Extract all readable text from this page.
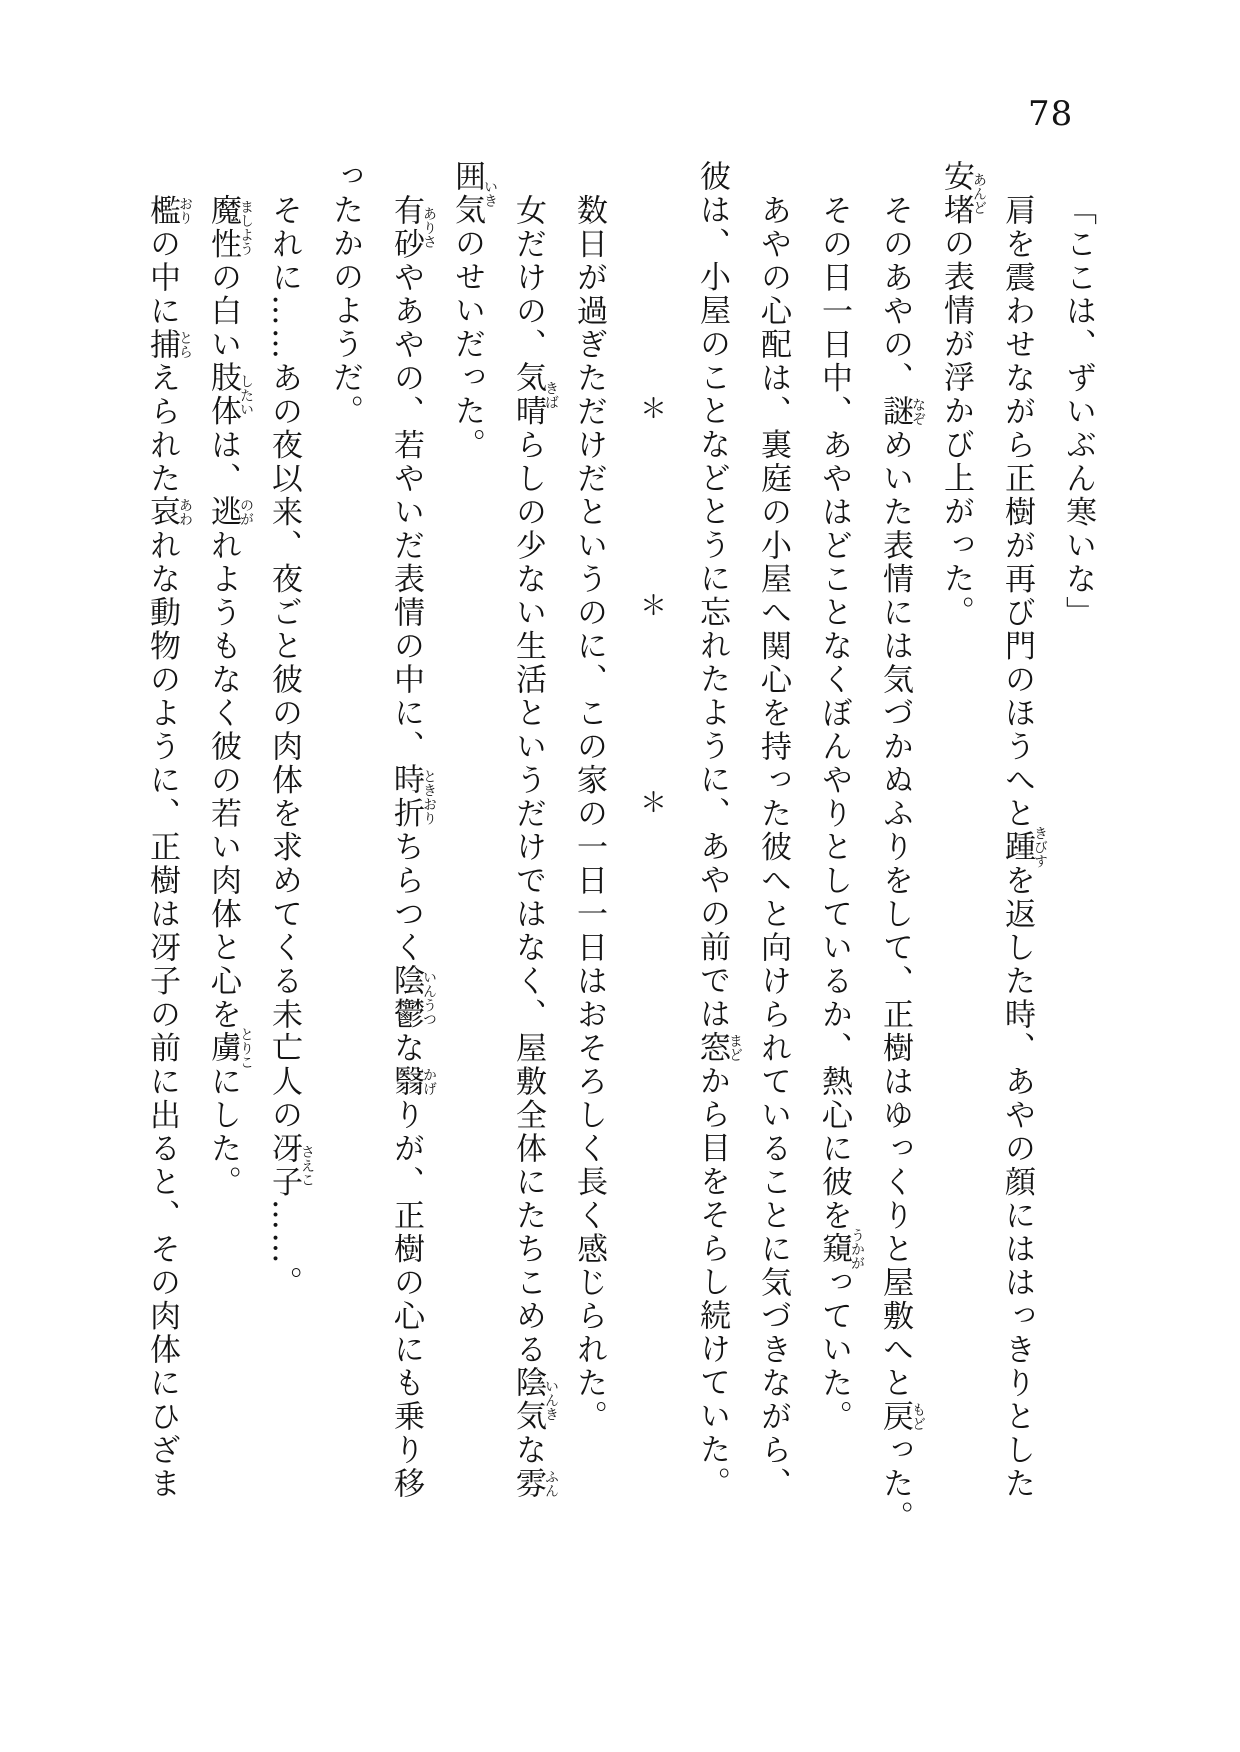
78

「ここは、ずいぶん寒いな」

肩を震わせながら正樹が再び門のほうへと踵きびすを返した時、あやの顔にははっきりとした

安堵あんどの表情が浮かび上がった。

そのあやの、謎なぞめいた表情には気づかぬふりをして、正樹はゆっくりと屋敷へと戻もどった。

その日一日中、あやはどことなくぼんやりとしているか、熱心に彼を窺うかがっていた。

あやの心配は、裏庭の小屋へ関心を持った彼へと向けられていることに気づきながら、

彼は、小屋のことなどとうに忘れたように、あやの前では窓まどから目をそらし続けていた。

　　　　　　　＊　　　　　＊　　　　　＊

数日が過ぎただけだというのに、この家の一日一日はおそろしく長く感じられた。

女だけの、気晴きばらしの少ない生活というだけではなく、屋敷全体にたちこめる陰気いんきな雰ふん

囲気いきのせいだった。

有砂ありさやあやの、若やいだ表情の中に、時折ときおりちらつく陰鬱いんうつな翳かげりが、正樹の心にも乗り移

ったかのようだ。

それに……あの夜以来、夜ごと彼の肉体を求めてくる未亡人の冴子さえこ……。

魔性ましようの白い肢体したいは、逃のがれようもなく彼の若い肉体と心を虜とりこにした。

檻おりの中に捕とらえられた哀あわれな動物のように、正樹は冴子の前に出ると、その肉体にひざま
